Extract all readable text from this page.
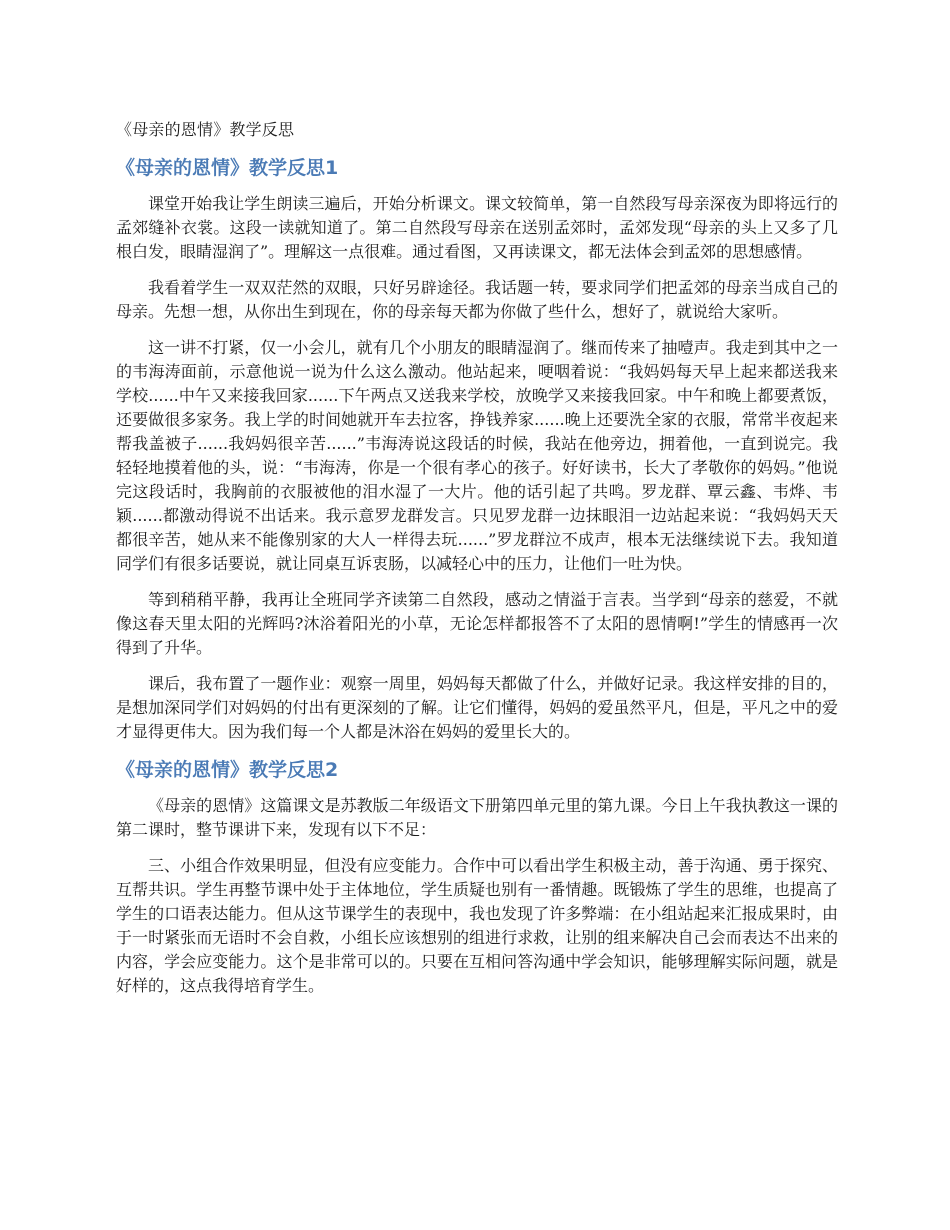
《母亲的恩情》教学反思
《母亲的恩情》教学反思1

课堂开始我让学生朗读三遍后，开始分析课文。课文较简单，第一自然段写母亲深夜为即将远行的孟郊缝补衣裳。这段一读就知道了。第二自然段写母亲在送别孟郊时，孟郊发现“母亲的头上又多了几根白发，眼睛湿润了”。理解这一点很难。通过看图，又再读课文，都无法体会到孟郊的思想感情。

我看着学生一双双茫然的双眼，只好另辟途径。我话题一转，要求同学们把孟郊的母亲当成自己的母亲。先想一想，从你出生到现在，你的母亲每天都为你做了些什么，想好了，就说给大家听。

这一讲不打紧，仅一小会儿，就有几个小朋友的眼睛湿润了。继而传来了抽噎声。我走到其中之一的韦海涛面前，示意他说一说为什么这么激动。他站起来，哽咽着说：“我妈妈每天早上起来都送我来学校......中午又来接我回家......下午两点又送我来学校，放晚学又来接我回家。中午和晚上都要煮饭，还要做很多家务。我上学的时间她就开车去拉客，挣钱养家......晚上还要洗全家的衣服，常常半夜起来帮我盖被子......我妈妈很辛苦......”韦海涛说这段话的时候，我站在他旁边，拥着他，一直到说完。我轻轻地摸着他的头，说：“韦海涛，你是一个很有孝心的孩子。好好读书，长大了孝敬你的妈妈。”他说完这段话时，我胸前的衣服被他的泪水湿了一大片。他的话引起了共鸣。罗龙群、覃云鑫、韦烨、韦颖......都激动得说不出话来。我示意罗龙群发言。只见罗龙群一边抹眼泪一边站起来说：“我妈妈天天都很辛苦，她从来不能像别家的大人一样得去玩......”罗龙群泣不成声，根本无法继续说下去。我知道同学们有很多话要说，就让同桌互诉衷肠，以减轻心中的压力，让他们一吐为快。

等到稍稍平静，我再让全班同学齐读第二自然段，感动之情溢于言表。当学到“母亲的慈爱，不就像这春天里太阳的光辉吗?沐浴着阳光的小草，无论怎样都报答不了太阳的恩情啊!”学生的情感再一次得到了升华。

课后，我布置了一题作业：观察一周里，妈妈每天都做了什么，并做好记录。我这样安排的目的，是想加深同学们对妈妈的付出有更深刻的了解。让它们懂得，妈妈的爱虽然平凡，但是，平凡之中的爱才显得更伟大。因为我们每一个人都是沐浴在妈妈的爱里长大的。

《母亲的恩情》教学反思2

《母亲的恩情》这篇课文是苏教版二年级语文下册第四单元里的第九课。今日上午我执教这一课的第二课时，整节课讲下来，发现有以下不足：

三、小组合作效果明显，但没有应变能力。合作中可以看出学生积极主动，善于沟通、勇于探究、互帮共识。学生再整节课中处于主体地位，学生质疑也别有一番情趣。既锻炼了学生的思维，也提高了学生的口语表达能力。但从这节课学生的表现中，我也发现了许多弊端：在小组站起来汇报成果时，由于一时紧张而无语时不会自救，小组长应该想别的组进行求救，让别的组来解决自己会而表达不出来的内容，学会应变能力。这个是非常可以的。只要在互相问答沟通中学会知识，能够理解实际问题，就是好样的，这点我得培育学生。
